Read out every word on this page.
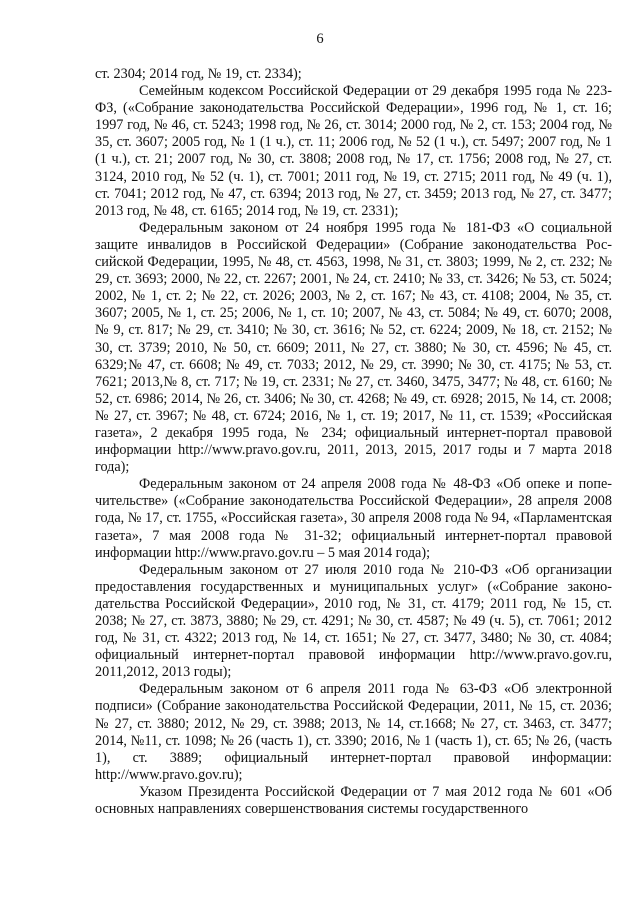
6

ст. 2304; 2014 год, № 19, ст. 2334);

Семейным кодексом Российской Федерации от 29 декабря 1995 года № 223-ФЗ, («Собрание законодательства Российской Федерации», 1996 год, № 1, ст. 16; 1997 год, № 46, ст. 5243; 1998 год, № 26, ст. 3014; 2000 год, № 2, ст. 153; 2004 год, № 35, ст. 3607; 2005 год, № 1 (1 ч.), ст. 11; 2006 год, № 52 (1 ч.), ст. 5497; 2007 год, № 1 (1 ч.), ст. 21; 2007 год, № 30, ст. 3808; 2008 год, № 17, ст. 1756; 2008 год, № 27, ст. 3124, 2010 год, № 52 (ч. 1), ст. 7001; 2011 год, № 19, ст. 2715; 2011 год, № 49 (ч. 1), ст. 7041; 2012 год, № 47, ст. 6394; 2013 год, № 27, ст. 3459; 2013 год, № 27, ст. 3477; 2013 год, № 48, ст. 6165; 2014 год, № 19, ст. 2331);

Федеральным законом от 24 ноября 1995 года № 181-ФЗ «О социальной защите инвалидов в Российской Федерации» (Собрание законодательства Российской Федерации, 1995, № 48, ст. 4563, 1998, № 31, ст. 3803; 1999, № 2, ст. 232; № 29, ст. 3693; 2000, № 22, ст. 2267; 2001, № 24, ст. 2410; № 33, ст. 3426; № 53, ст. 5024; 2002, № 1, ст. 2; № 22, ст. 2026; 2003, № 2, ст. 167; № 43, ст. 4108; 2004, № 35, ст. 3607; 2005, № 1, ст. 25; 2006, № 1, ст. 10; 2007, № 43, ст. 5084; № 49, ст. 6070; 2008, № 9, ст. 817; № 29, ст. 3410; № 30, ст. 3616; № 52, ст. 6224; 2009, № 18, ст. 2152; № 30, ст. 3739; 2010, № 50, ст. 6609; 2011, № 27, ст. 3880; № 30, ст. 4596; № 45, ст. 6329;№ 47, ст. 6608; № 49, ст. 7033; 2012, № 29, ст. 3990; № 30, ст. 4175; № 53, ст. 7621; 2013,№ 8, ст. 717; № 19, ст. 2331; № 27, ст. 3460, 3475, 3477; № 48, ст. 6160; № 52, ст. 6986; 2014, № 26, ст. 3406; № 30, ст. 4268; № 49, ст. 6928; 2015, № 14, ст. 2008; № 27, ст. 3967; № 48, ст. 6724; 2016, № 1, ст. 19; 2017, № 11, ст. 1539; «Российская газета», 2 декабря 1995 года, № 234; официальный интернет-портал правовой информации http://www.pravo.gov.ru, 2011, 2013, 2015, 2017 годы и 7 марта 2018 года);

Федеральным законом от 24 апреля 2008 года № 48-ФЗ «Об опеке и попечительстве» («Собрание законодательства Российской Федерации», 28 апреля 2008 года, № 17, ст. 1755, «Российская газета», 30 апреля 2008 года № 94, «Парламентская газета», 7 мая 2008 года № 31-32; официальный интернет-портал правовой информации http://www.pravo.gov.ru – 5 мая 2014 года);

Федеральным законом от 27 июля 2010 года № 210-ФЗ «Об организации предоставления государственных и муниципальных услуг» («Собрание законодательства Российской Федерации», 2010 год, № 31, ст. 4179; 2011 год, № 15, ст. 2038; № 27, ст. 3873, 3880; № 29, ст. 4291; № 30, ст. 4587; № 49 (ч. 5), ст. 7061; 2012 год, № 31, ст. 4322; 2013 год, № 14, ст. 1651; № 27, ст. 3477, 3480; № 30, ст. 4084; официальный интернет-портал правовой информации http://www.pravo.gov.ru, 2011,2012, 2013 годы);

Федеральным законом от 6 апреля 2011 года № 63-ФЗ «Об электронной подписи» (Собрание законодательства Российской Федерации, 2011, № 15, ст. 2036; № 27, ст. 3880; 2012, № 29, ст. 3988; 2013, № 14, ст.1668; № 27, ст. 3463, ст. 3477; 2014, №11, ст. 1098; № 26 (часть 1), ст. 3390; 2016, № 1 (часть 1), ст. 65; № 26, (часть 1), ст. 3889; официальный интернет-портал правовой информации: http://www.pravo.gov.ru);

Указом Президента Российской Федерации от 7 мая 2012 года № 601 «Об основных направлениях совершенствования системы государственного
